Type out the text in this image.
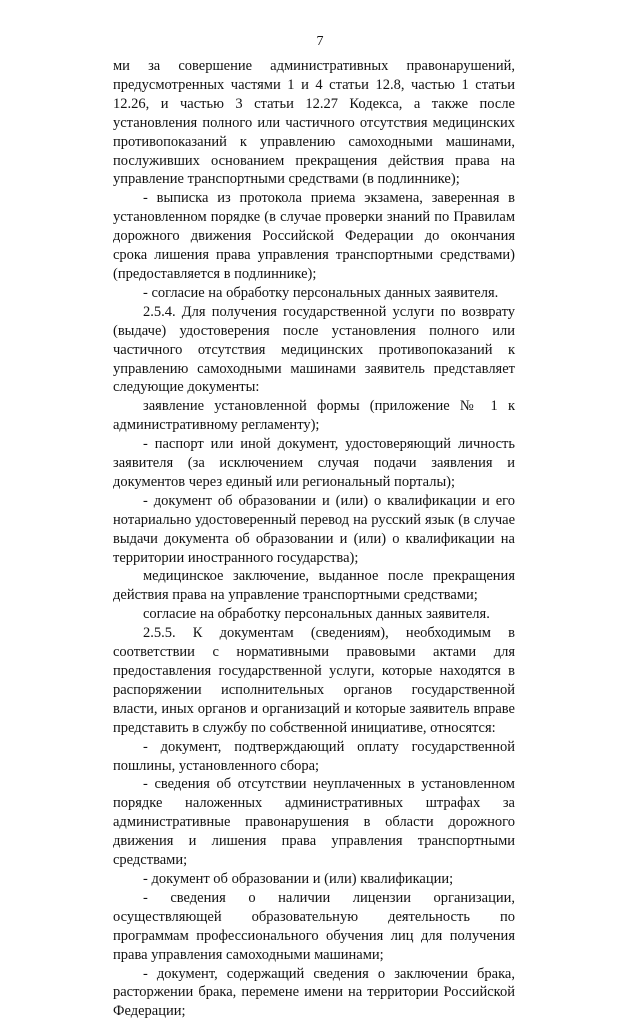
7

ми за совершение административных правонарушений, предусмотренных частями 1 и 4 статьи 12.8, частью 1 статьи 12.26, и частью 3 статьи 12.27 Кодекса, а также после установления полного или частичного отсутствия медицинских противопоказаний к управлению самоходными машинами, послуживших основанием прекращения действия права на управление транспортными средствами (в подлиннике);

- выписка из протокола приема экзамена, заверенная в установленном порядке (в случае проверки знаний по Правилам дорожного движения Российской Федерации до окончания срока лишения права управления транспортными средствами) (предоставляется в подлиннике);

- согласие на обработку персональных данных заявителя.

2.5.4. Для получения государственной услуги по возврату (выдаче) удостоверения после установления полного или частичного отсутствия медицинских противопоказаний к управлению самоходными машинами заявитель представляет следующие документы:

заявление установленной формы (приложение № 1 к административному регламенту);

- паспорт или иной документ, удостоверяющий личность заявителя (за исключением случая подачи заявления и документов через единый или региональный порталы);

- документ об образовании и (или) о квалификации и его нотариально удостоверенный перевод на русский язык (в случае выдачи документа об образовании и (или) о квалификации на территории иностранного государства);

медицинское заключение, выданное после прекращения действия права на управление транспортными средствами;

согласие на обработку персональных данных заявителя.

2.5.5. К документам (сведениям), необходимым в соответствии с нормативными правовыми актами для предоставления государственной услуги, которые находятся в распоряжении исполнительных органов государственной власти, иных органов и организаций и которые заявитель вправе представить в службу по собственной инициативе, относятся:

- документ, подтверждающий оплату государственной пошлины, установленного сбора;

- сведения об отсутствии неуплаченных в установленном порядке наложенных административных штрафах за административные правонарушения в области дорожного движения и лишения права управления транспортными средствами;

- документ об образовании и (или) квалификации;

- сведения о наличии лицензии организации, осуществляющей образовательную деятельность по программам профессионального обучения лиц для получения права управления самоходными машинами;

- документ, содержащий сведения о заключении брака, расторжении брака, перемене имени на территории Российской Федерации;
